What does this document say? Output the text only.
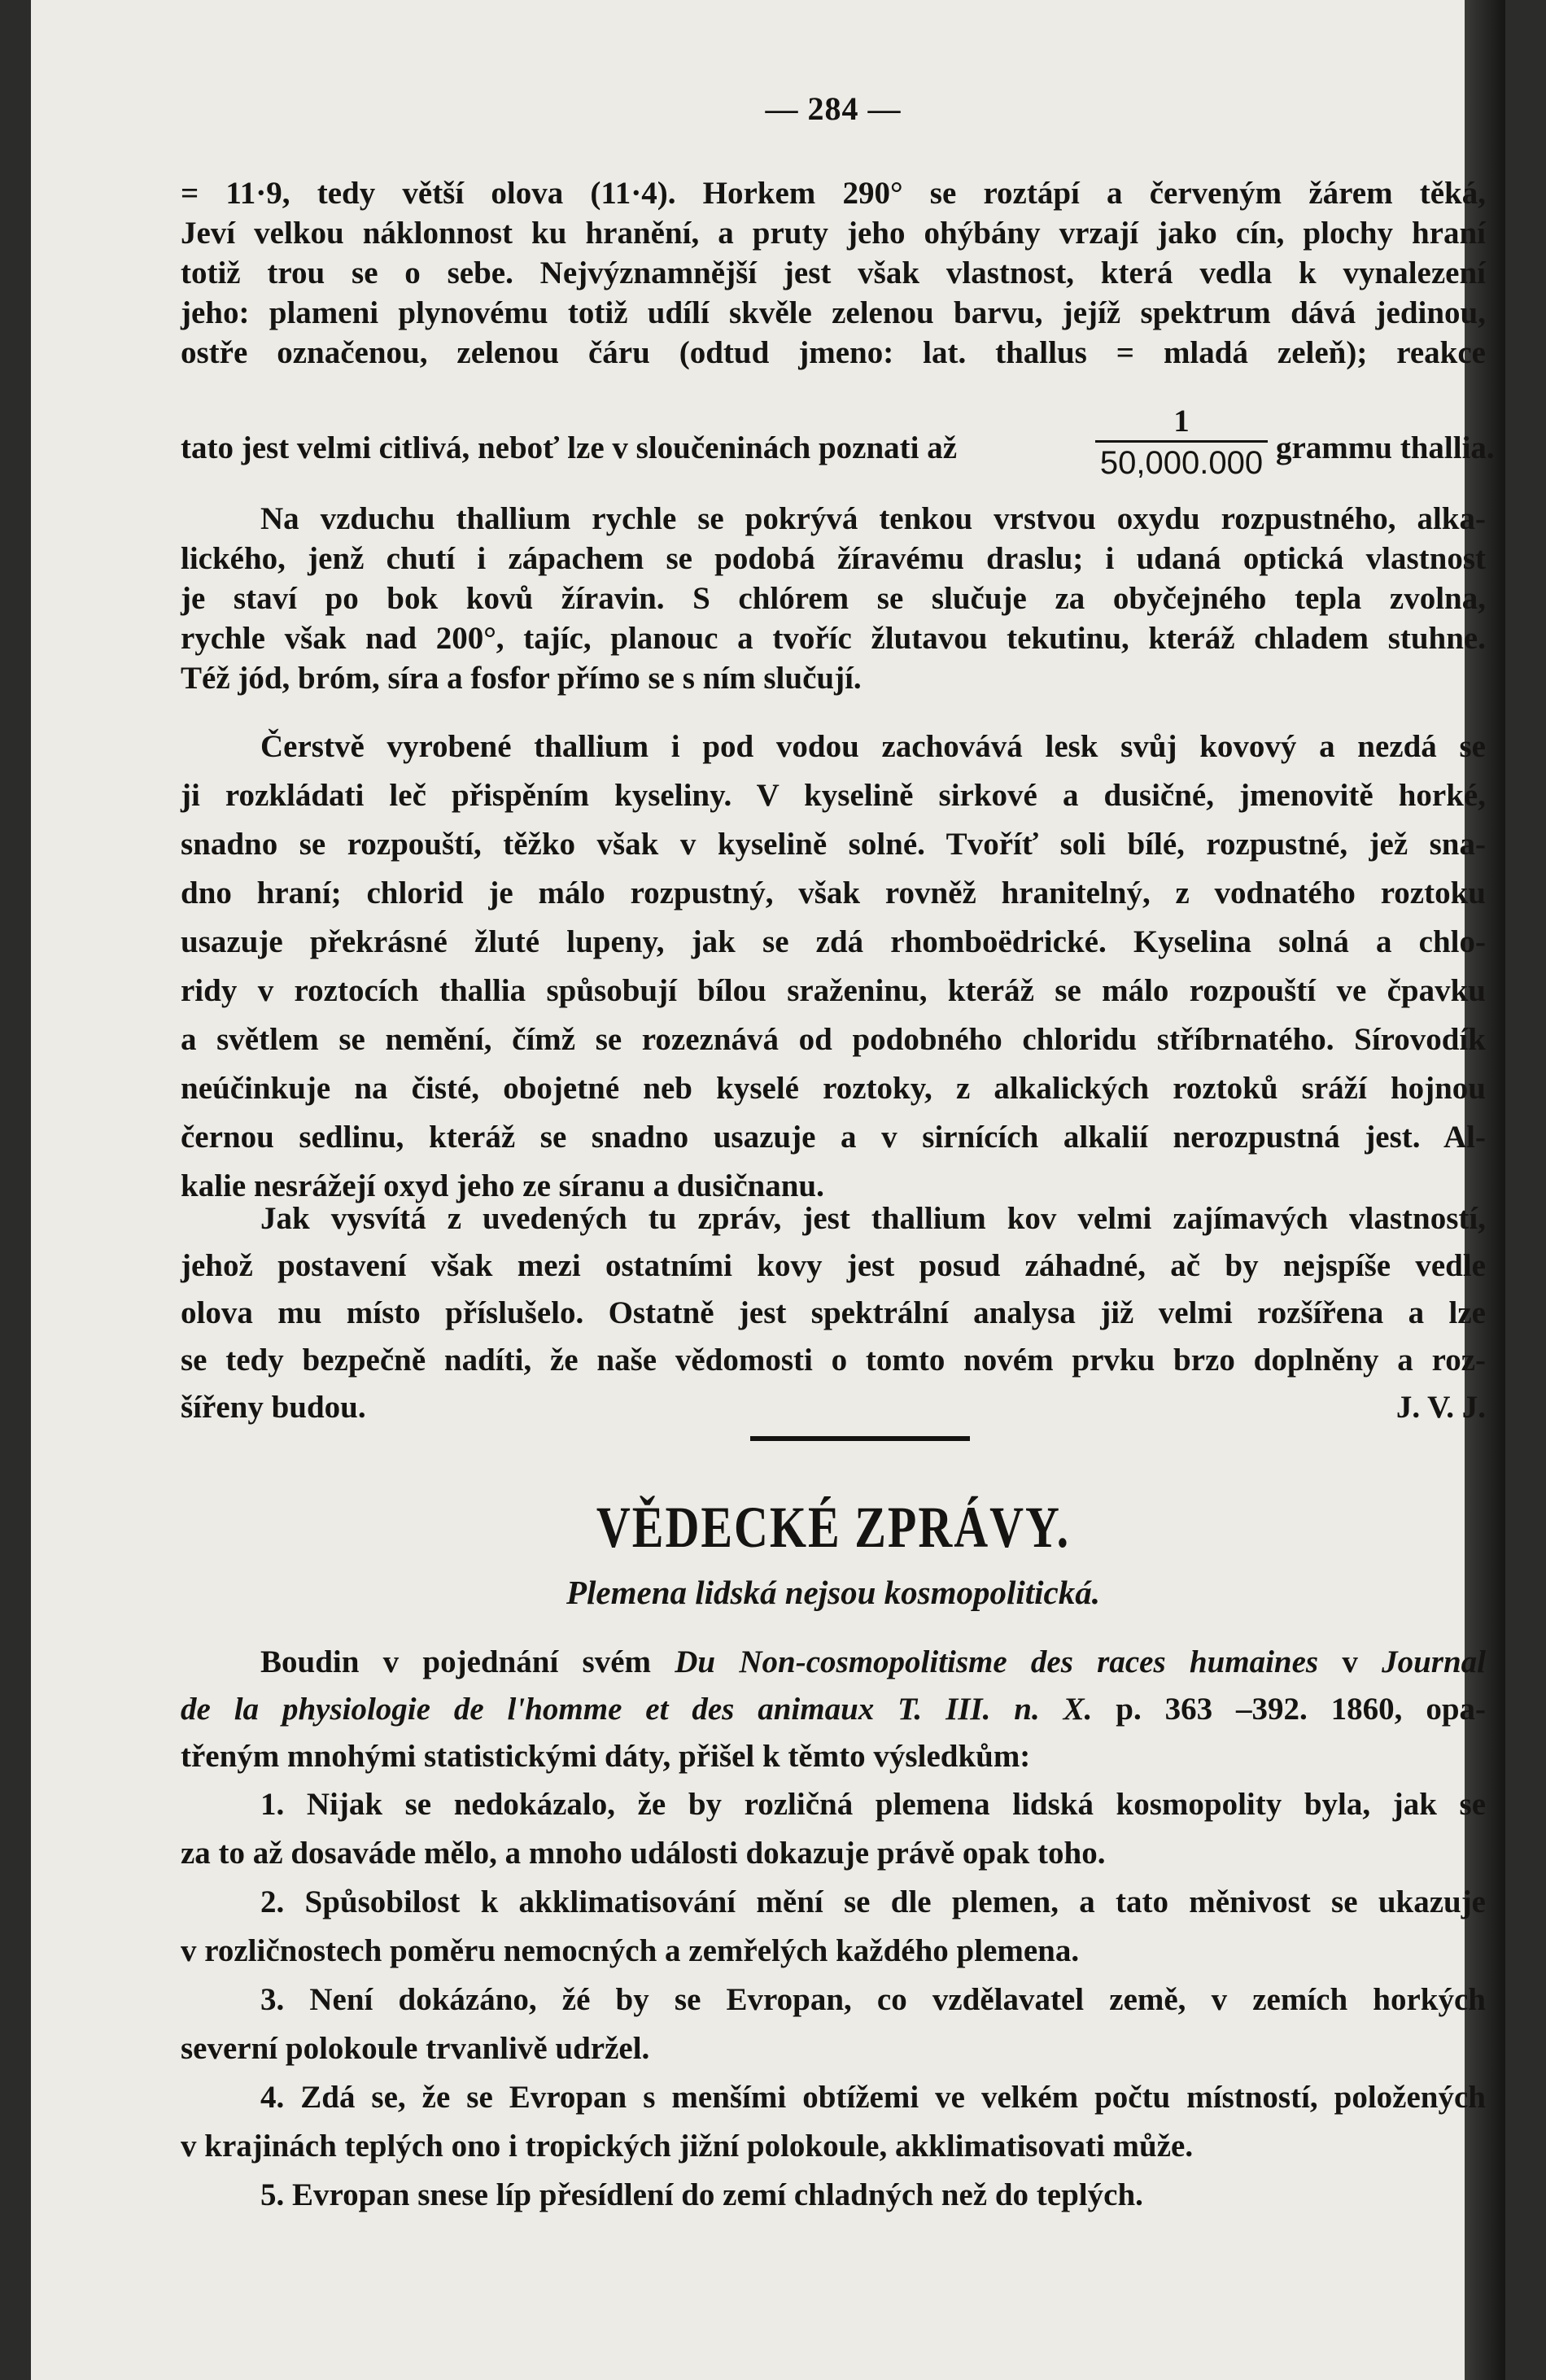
— 284 —
= 11·9, tedy větší olova (11·4). Horkem 290° se roztápí a červeným žárem těká,
Jeví velkou náklonnost ku hranění, a pruty jeho ohýbány vrzají jako cín, plochy hraní
totiž trou se o sebe. Nejvýznamnější jest však vlastnost, která vedla k vynalezení
jeho: plameni plynovému totiž udílí skvěle zelenou barvu, jejíž spektrum dává jedinou,
ostře označenou, zelenou čáru (odtud jmeno: lat. thallus = mladá zeleň); reakce
tato jest velmi citlivá, neboť lze v sloučeninách poznati až
1
50,000.000 grammu thallia.
Na vzduchu thallium rychle se pokrývá tenkou vrstvou oxydu rozpustného, alka-
lického, jenž chutí i zápachem se podobá žíravému draslu; i udaná optická vlastnost
je staví po bok kovů žíravin. S chlórem se slučuje za obyčejného tepla zvolna,
rychle však nad 200°, tajíc, planouc a tvoříc žlutavou tekutinu, kteráž chladem stuhne.
Též jód, bróm, síra a fosfor přímo se s ním slučují.
Čerstvě vyrobené thallium i pod vodou zachovává lesk svůj kovový a nezdá se
ji rozkládati leč přispěním kyseliny. V kyselině sirkové a dusičné, jmenovitě horké,
snadno se rozpouští, těžko však v kyselině solné. Tvoříť soli bílé, rozpustné, jež sna-
dno hraní; chlorid je málo rozpustný, však rovněž hranitelný, z vodnatého roztoku
usazuje překrásné žluté lupeny, jak se zdá rhomboëdrické. Kyselina solná a chlo-
ridy v roztocích thallia spůsobují bílou sraženinu, kteráž se málo rozpouští ve čpavku
a světlem se nemění, čímž se rozeznává od podobného chloridu stříbrnatého. Sírovodík
neúčinkuje na čisté, obojetné neb kyselé roztoky, z alkalických roztoků sráží hojnou
černou sedlinu, kteráž se snadno usazuje a v sirnících alkalií nerozpustná jest. Al-
kalie nesrážejí oxyd jeho ze síranu a dusičnanu.
Jak vysvítá z uvedených tu zpráv, jest thallium kov velmi zajímavých vlastností,
jehož postavení však mezi ostatními kovy jest posud záhadné, ač by nejspíše vedle
olova mu místo příslušelo. Ostatně jest spektrální analysa již velmi rozšířena a lze
se tedy bezpečně nadíti, že naše vědomosti o tomto novém prvku brzo doplněny a roz-
šířeny budou.	J. V. J.
VĚDECKÉ ZPRÁVY.
Plemena lidská nejsou kosmopolitická.
Boudin v pojednání svém Du Non-cosmopolitisme des races humaines v Journal
de la physiologie de l'homme et des animaux T. III. n. X. p. 363 –392. 1860, opa-
třeným mnohými statistickými dáty, přišel k těmto výsledkům:
1. Nijak se nedokázalo, že by rozličná plemena lidská kosmopolity byla, jak se
za to až dosaváde mělo, a mnoho události dokazuje právě opak toho.
2. Spůsobilost k akklimatisování mění se dle plemen, a tato měnivost se ukazuje
v rozličnostech poměru nemocných a zemřelých každého plemena.
3. Není dokázáno, žé by se Evropan, co vzdělavatel země, v zemích horkých
severní polokoule trvanlivě udržel.
4. Zdá se, že se Evropan s menšími obtížemi ve velkém počtu místností, položených
v krajinách teplých ono i tropických jižní polokoule, akklimatisovati může.
5. Evropan snese líp přesídlení do zemí chladných než do teplých.
